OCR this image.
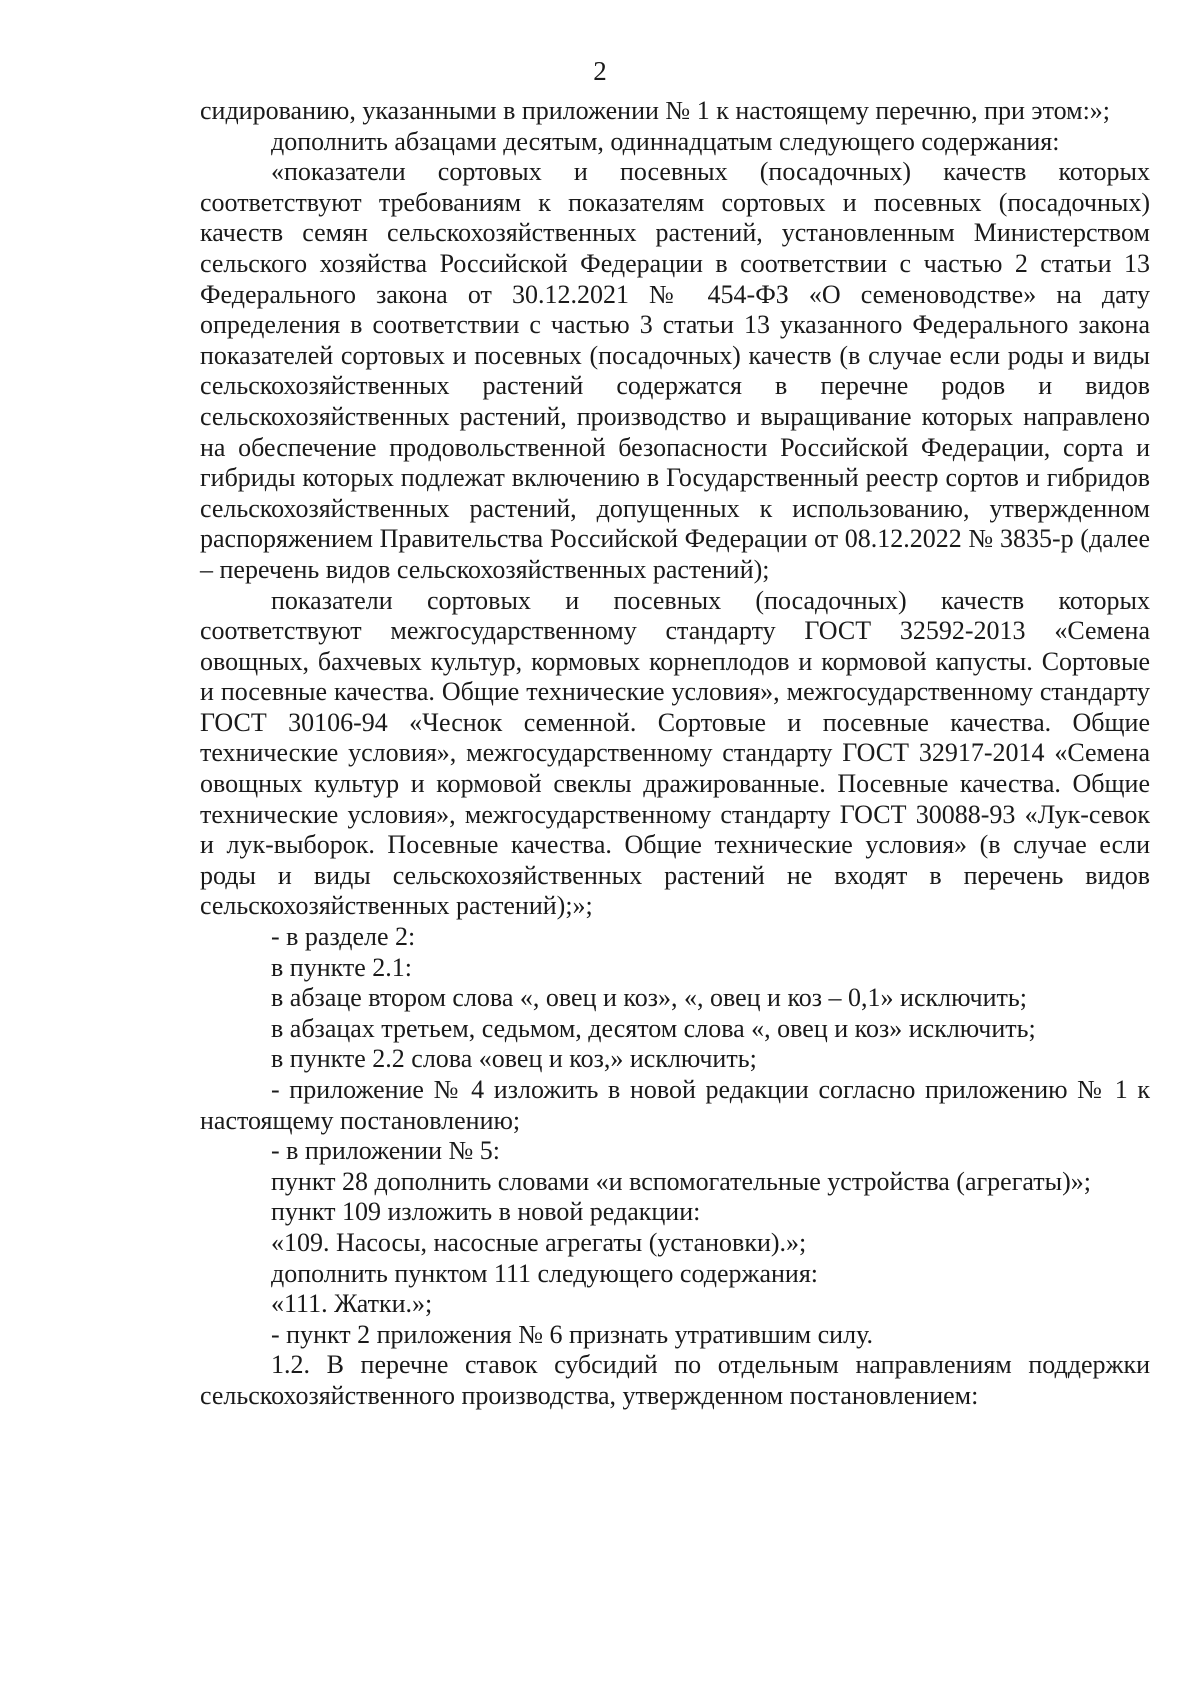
2

сидированию, указанными в приложении № 1 к настоящему перечню, при этом:»;

дополнить абзацами десятым, одиннадцатым следующего содержания:

«показатели сортовых и посевных (посадочных) качеств которых соответствуют требованиям к показателям сортовых и посевных (посадочных) качеств семян сельскохозяйственных растений, установленным Министерством сельского хозяйства Российской Федерации в соответствии с частью 2 статьи 13 Федерального закона от 30.12.2021 № 454-ФЗ «О семеноводстве» на дату определения в соответствии с частью 3 статьи 13 указанного Федерального закона показателей сортовых и посевных (посадочных) качеств (в случае если роды и виды сельскохозяйственных растений содержатся в перечне родов и видов сельскохозяйственных растений, производство и выращивание которых направлено на обеспечение продовольственной безопасности Российской Федерации, сорта и гибриды которых подлежат включению в Государственный реестр сортов и гибридов сельскохозяйственных растений, допущенных к использованию, утвержденном распоряжением Правительства Российской Федерации от 08.12.2022 № 3835-р (далее – перечень видов сельскохозяйственных растений);

показатели сортовых и посевных (посадочных) качеств которых соответствуют межгосударственному стандарту ГОСТ 32592-2013 «Семена овощных, бахчевых культур, кормовых корнеплодов и кормовой капусты. Сортовые и посевные качества. Общие технические условия», межгосударственному стандарту ГОСТ 30106-94 «Чеснок семенной. Сортовые и посевные качества. Общие технические условия», межгосударственному стандарту ГОСТ 32917-2014 «Семена овощных культур и кормовой свеклы дражированные. Посевные качества. Общие технические условия», межгосударственному стандарту ГОСТ 30088-93 «Лук-севок и лук-выборок. Посевные качества. Общие технические условия» (в случае если роды и виды сельскохозяйственных растений не входят в перечень видов сельскохозяйственных растений);»;

- в разделе 2:

в пункте 2.1:

в абзаце втором слова «, овец и коз», «, овец и коз – 0,1» исключить;

в абзацах третьем, седьмом, десятом слова «, овец и коз» исключить;

в пункте 2.2 слова «овец и коз,» исключить;

- приложение № 4 изложить в новой редакции согласно приложению № 1 к настоящему постановлению;

- в приложении № 5:

пункт 28 дополнить словами «и вспомогательные устройства (агрегаты)»;

пункт 109 изложить в новой редакции:

«109. Насосы, насосные агрегаты (установки).»;

дополнить пунктом 111 следующего содержания:

«111. Жатки.»;

- пункт 2 приложения № 6 признать утратившим силу.

1.2. В перечне ставок субсидий по отдельным направлениям поддержки сельскохозяйственного производства, утвержденном постановлением:
